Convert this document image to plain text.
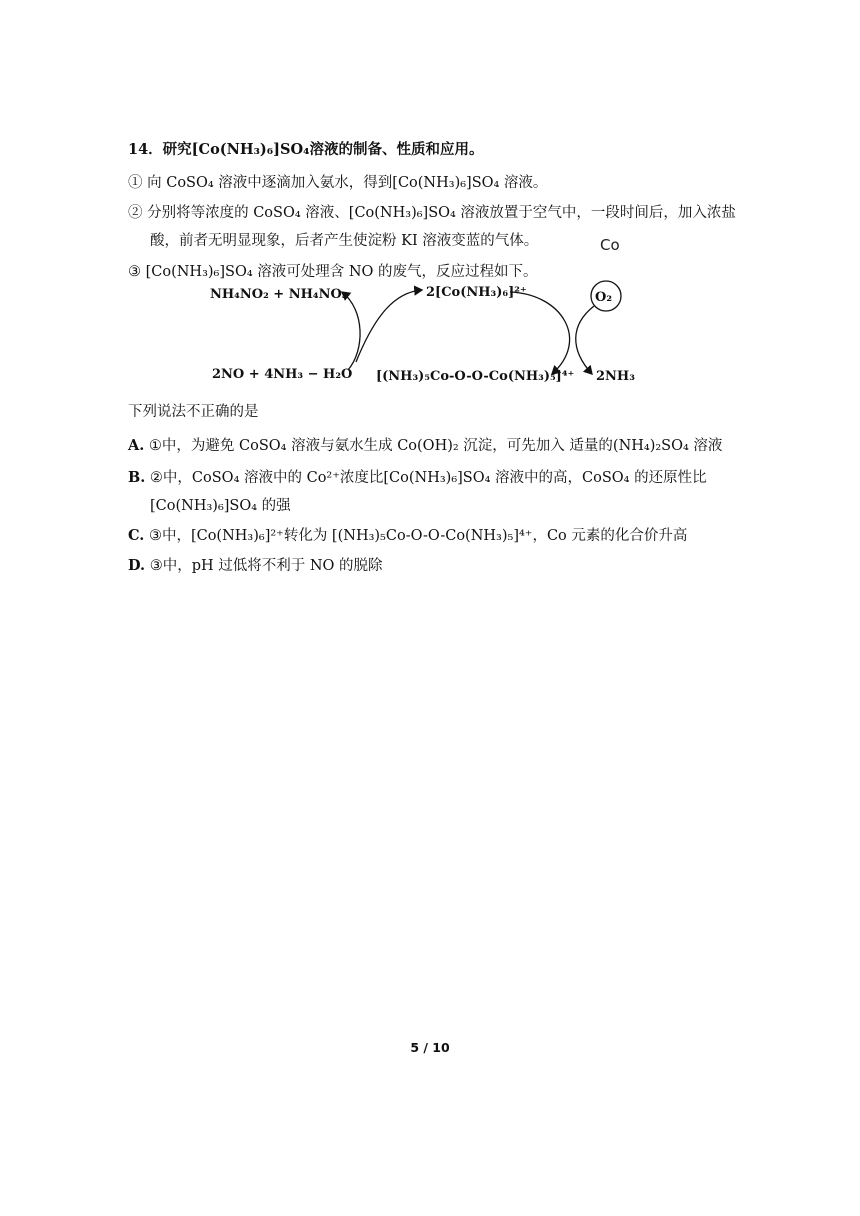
14．研究[Co(NH₃)₆]SO₄溶液的制备、性质和应用。
① 向 CoSO₄ 溶液中逐滴加入氨水，得到[Co(NH₃)₆]SO₄ 溶液。
② 分别将等浓度的 CoSO₄ 溶液、[Co(NH₃)₆]SO₄ 溶液放置于空气中，一段时间后，加入浓盐
酸，前者无明显现象，后者产生使淀粉 KI 溶液变蓝的气体。	Co
③ [Co(NH₃)₆]SO₄ 溶液可处理含 NO 的废气，反应过程如下。
NH₄NO₂ + NH₄NO₃	2[Co(NH₃)₆]²⁺
2NO + 4NH₃ − H₂O [(NH₃)₅Co-O-O-Co(NH₃)₅]⁴⁺ 2NH₃
O₂
下列说法不正确的是
A. ①中，为避免 CoSO₄ 溶液与氨水生成 Co(OH)₂ 沉淀，可先加入 适量的(NH₄)₂SO₄ 溶液
B. ②中，CoSO₄ 溶液中的 Co²⁺浓度比[Co(NH₃)₆]SO₄ 溶液中的高，CoSO₄ 的还原性比
[Co(NH₃)₆]SO₄ 的强
C. ③中，[Co(NH₃)₆]²⁺转化为 [(NH₃)₅Co-O-O-Co(NH₃)₅]⁴⁺，Co 元素的化合价升高
D. ③中，pH 过低将不利于 NO 的脱除
5 / 10
